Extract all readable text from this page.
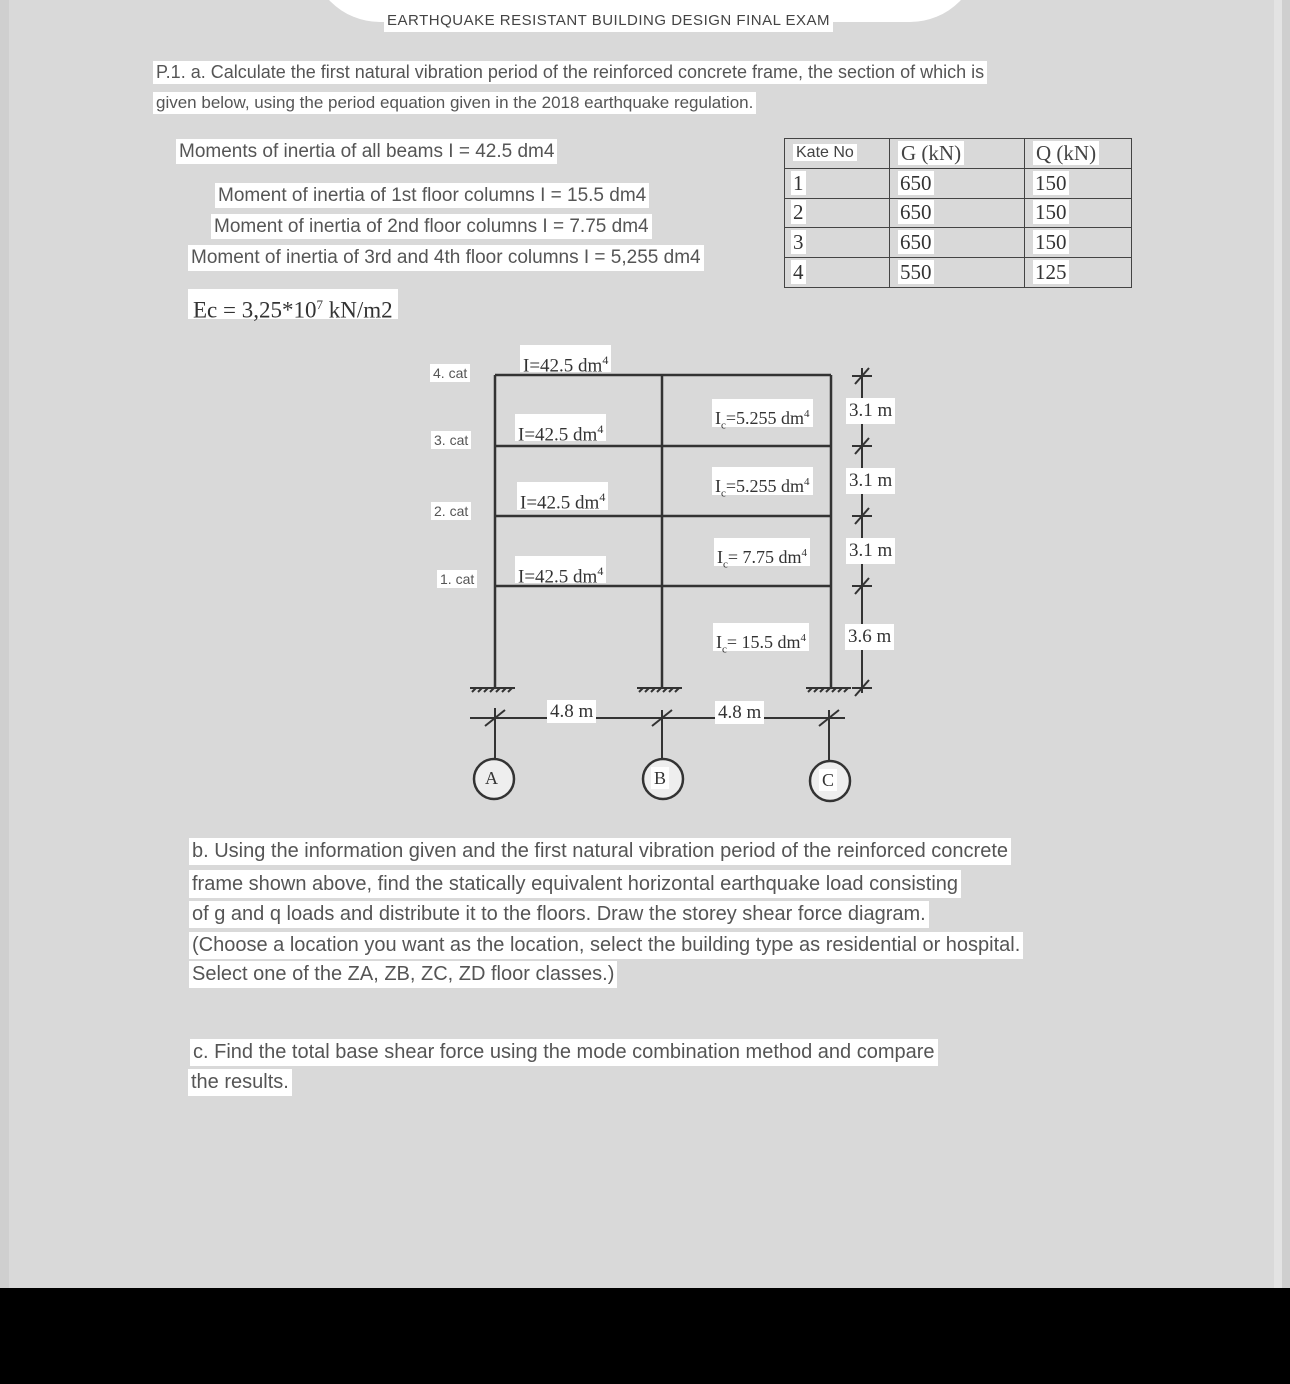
EARTHQUAKE RESISTANT BUILDING DESIGN FINAL EXAM
P.1. a. Calculate the first natural vibration period of the reinforced concrete frame, the section of which is
given below, using the period equation given in the 2018 earthquake regulation.
Moments of inertia of all beams I = 42.5 dm4
Moment of inertia of 1st floor columns I = 15.5 dm4
Moment of inertia of 2nd floor columns I = 7.75 dm4
Moment of inertia of 3rd and 4th floor columns I = 5,255 dm4
$Ec = 3,25*10^7$ kN/m2
Kate No	G (kN)	Q (kN)
1	650	150
2	650	150
3	650	150
4	550	125
4. cat
3. cat
2. cat
1. cat
I=42.5 $dm^4$
I=42.5 $dm^4$
I=42.5 $dm^4$
I=42.5 $dm^4$
$I_c=5.255$ $dm^4$
$I_c=5.255$ $dm^4$
$I_c= 7.75$ $dm^4$
$I_c= 15.5$ $dm^4$
3.1 m
3.1 m
3.1 m
3.6 m
4.8 m	4.8 m
A	B	C
b. Using the information given and the first natural vibration period of the reinforced concrete
frame shown above, find the statically equivalent horizontal earthquake load consisting
of g and q loads and distribute it to the floors. Draw the storey shear force diagram.
(Choose a location you want as the location, select the building type as residential or hospital.
Select one of the ZA, ZB, ZC, ZD floor classes.)
c. Find the total base shear force using the mode combination method and compare
the results.
